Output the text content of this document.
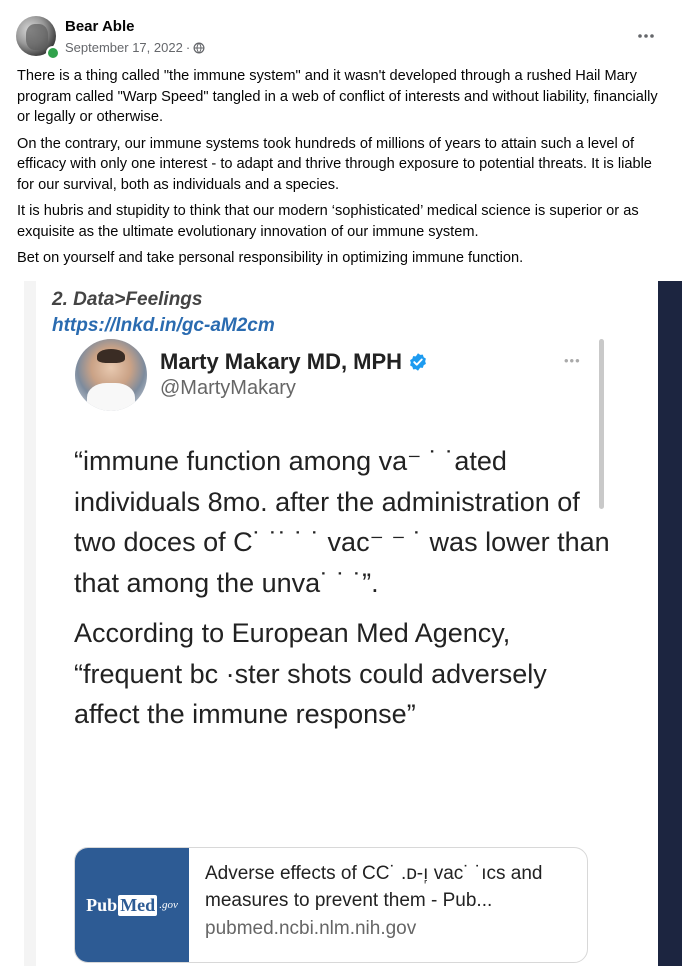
Bear Able
September 17, 2022 ·

There is a thing called "the immune system" and it wasn't developed through a rushed Hail Mary program called "Warp Speed" tangled in a web of conflict of interests and without liability, financially or legally or otherwise.

On the contrary, our immune systems took hundreds of millions of years to attain such a level of efficacy with only one interest - to adapt and thrive through exposure to potential threats. It is liable for our survival, both as individuals and a species.

It is hubris and stupidity to think that our modern ‘sophisticated’ medical science is superior or as exquisite as the ultimate evolutionary innovation of our immune system.

Bet on yourself and take personal responsibility in optimizing immune function.

2. Data>Feelings
https://lnkd.in/gc-aM2cm
Marty Makary MD, MPH
@MartyMakary
•••

“immune function among va⁻ ˙ ˙ated individuals 8mo. after the administration of two doces of C˙ ˙˙ ˙ ˙ vac⁻ ⁻ ˙ was lower than that among the unva˙ ˙ ˙”.

According to European Med Agency, “frequent bc ·ster shots could adversely affect the immune response”

Pub Med .gov
Adverse effects of CC˙ .ᴅ-ı᷊ vac˙ ˙ıcs and measures to prevent them - Pub...
pubmed.ncbi.nlm.nih.gov
